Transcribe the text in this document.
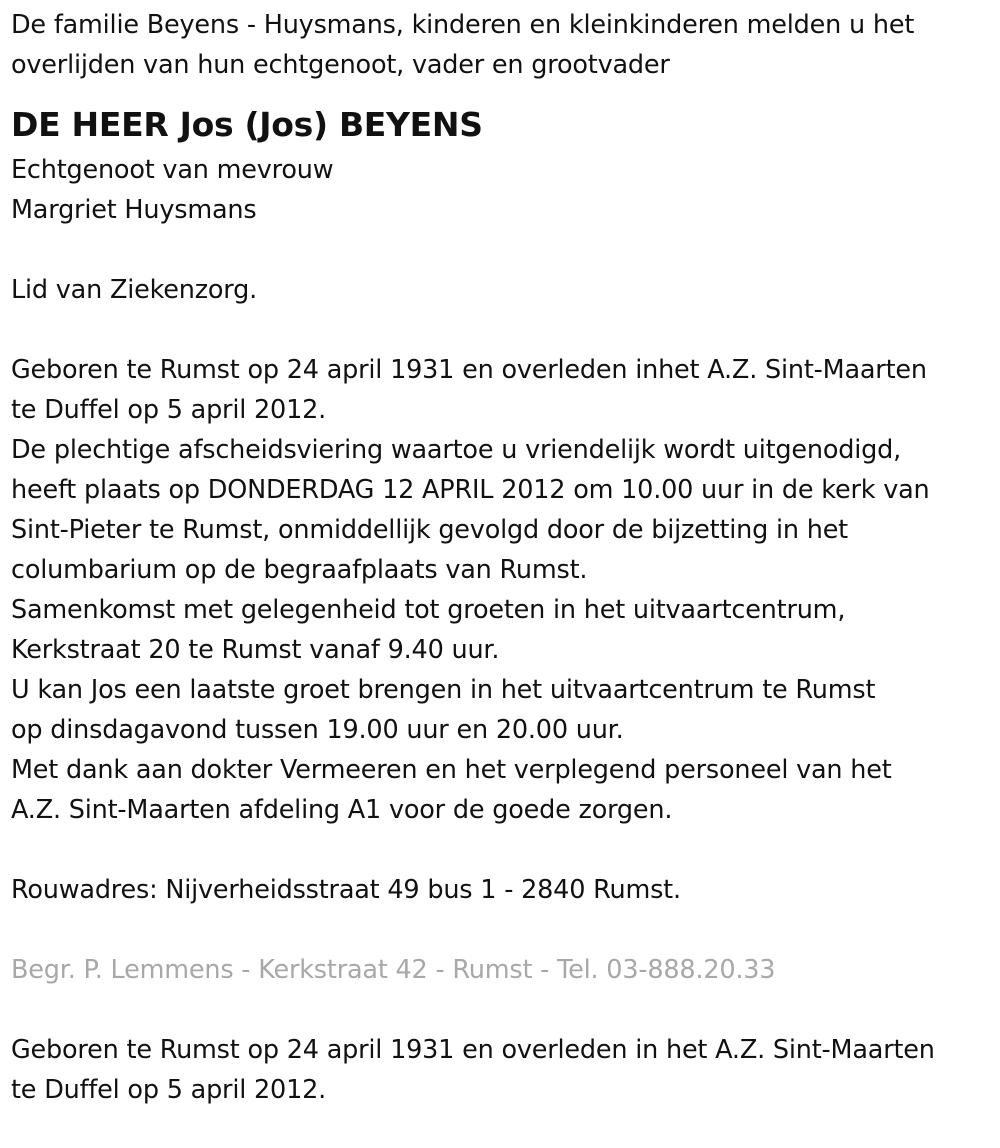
De familie Beyens - Huysmans, kinderen en kleinkinderen melden u het
overlijden van hun echtgenoot, vader en grootvader
DE HEER Jos (Jos) BEYENS
Echtgenoot van mevrouw
Margriet Huysmans
Lid van Ziekenzorg.
Geboren te Rumst op 24 april 1931 en overleden inhet A.Z. Sint-Maarten
te Duffel op 5 april 2012.
De plechtige afscheidsviering waartoe u vriendelijk wordt uitgenodigd,
heeft plaats op DONDERDAG 12 APRIL 2012 om 10.00 uur in de kerk van
Sint-Pieter te Rumst, onmiddellijk gevolgd door de bijzetting in het
columbarium op de begraafplaats van Rumst.
Samenkomst met gelegenheid tot groeten in het uitvaartcentrum,
Kerkstraat 20 te Rumst vanaf 9.40 uur.
U kan Jos een laatste groet brengen in het uitvaartcentrum te Rumst
op dinsdagavond tussen 19.00 uur en 20.00 uur.
Met dank aan dokter Vermeeren en het verplegend personeel van het
A.Z. Sint-Maarten afdeling A1 voor de goede zorgen.
Rouwadres: Nijverheidsstraat 49 bus 1 - 2840 Rumst.
Begr. P. Lemmens - Kerkstraat 42 - Rumst - Tel. 03-888.20.33
Geboren te Rumst op 24 april 1931 en overleden in het A.Z. Sint-Maarten
te Duffel op 5 april 2012.
